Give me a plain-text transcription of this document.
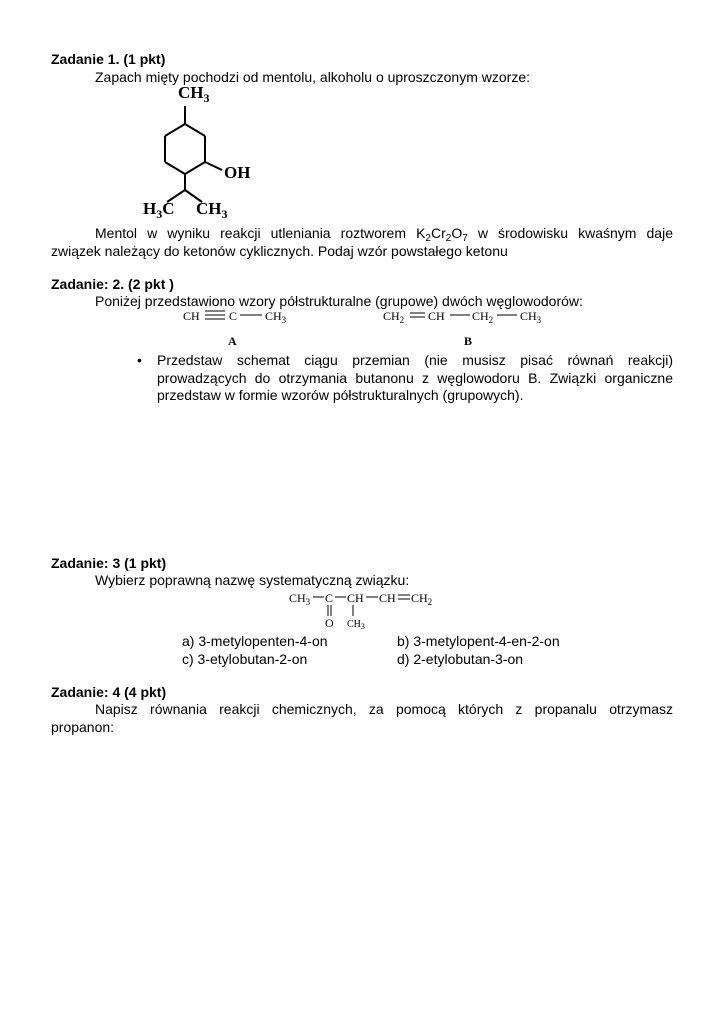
Zadanie 1. (1 pkt)
Zapach mięty pochodzi od mentolu, alkoholu o uproszczonym wzorze:
$CH_3$
OH
$H_3C$ $CH_3$
Mentol w wyniku reakcji utleniania roztworem $K_2Cr_2O_7$ w środowisku kwaśnym daje
związek należący do ketonów cyklicznych. Podaj wzór powstałego ketonu
Zadanie: 2. (2 pkt )
Poniżej przedstawiono wzory półstrukturalne (grupowe) dwóch węglowodorów:
CH C $CH_3$
A
$CH_2$ CH $CH_2$ $CH_3$
B
• Przedstaw schemat ciągu przemian (nie musisz pisać równań reakcji)
prowadzących do otrzymania butanonu z węglowodoru B. Związki organiczne
przedstaw w formie wzorów półstrukturalnych (grupowych).
Zadanie: 3 (1 pkt)
Wybierz poprawną nazwę systematyczną związku:
$CH_3$ C CH CH $CH_2$
O $CH_3$
a) 3-metylopenten-4-on	b) 3-metylopent-4-en-2-on
c) 3-etylobutan-2-on	d) 2-etylobutan-3-on
Zadanie: 4 (4 pkt)
Napisz równania reakcji chemicznych, za pomocą których z propanalu otrzymasz
propanon:
